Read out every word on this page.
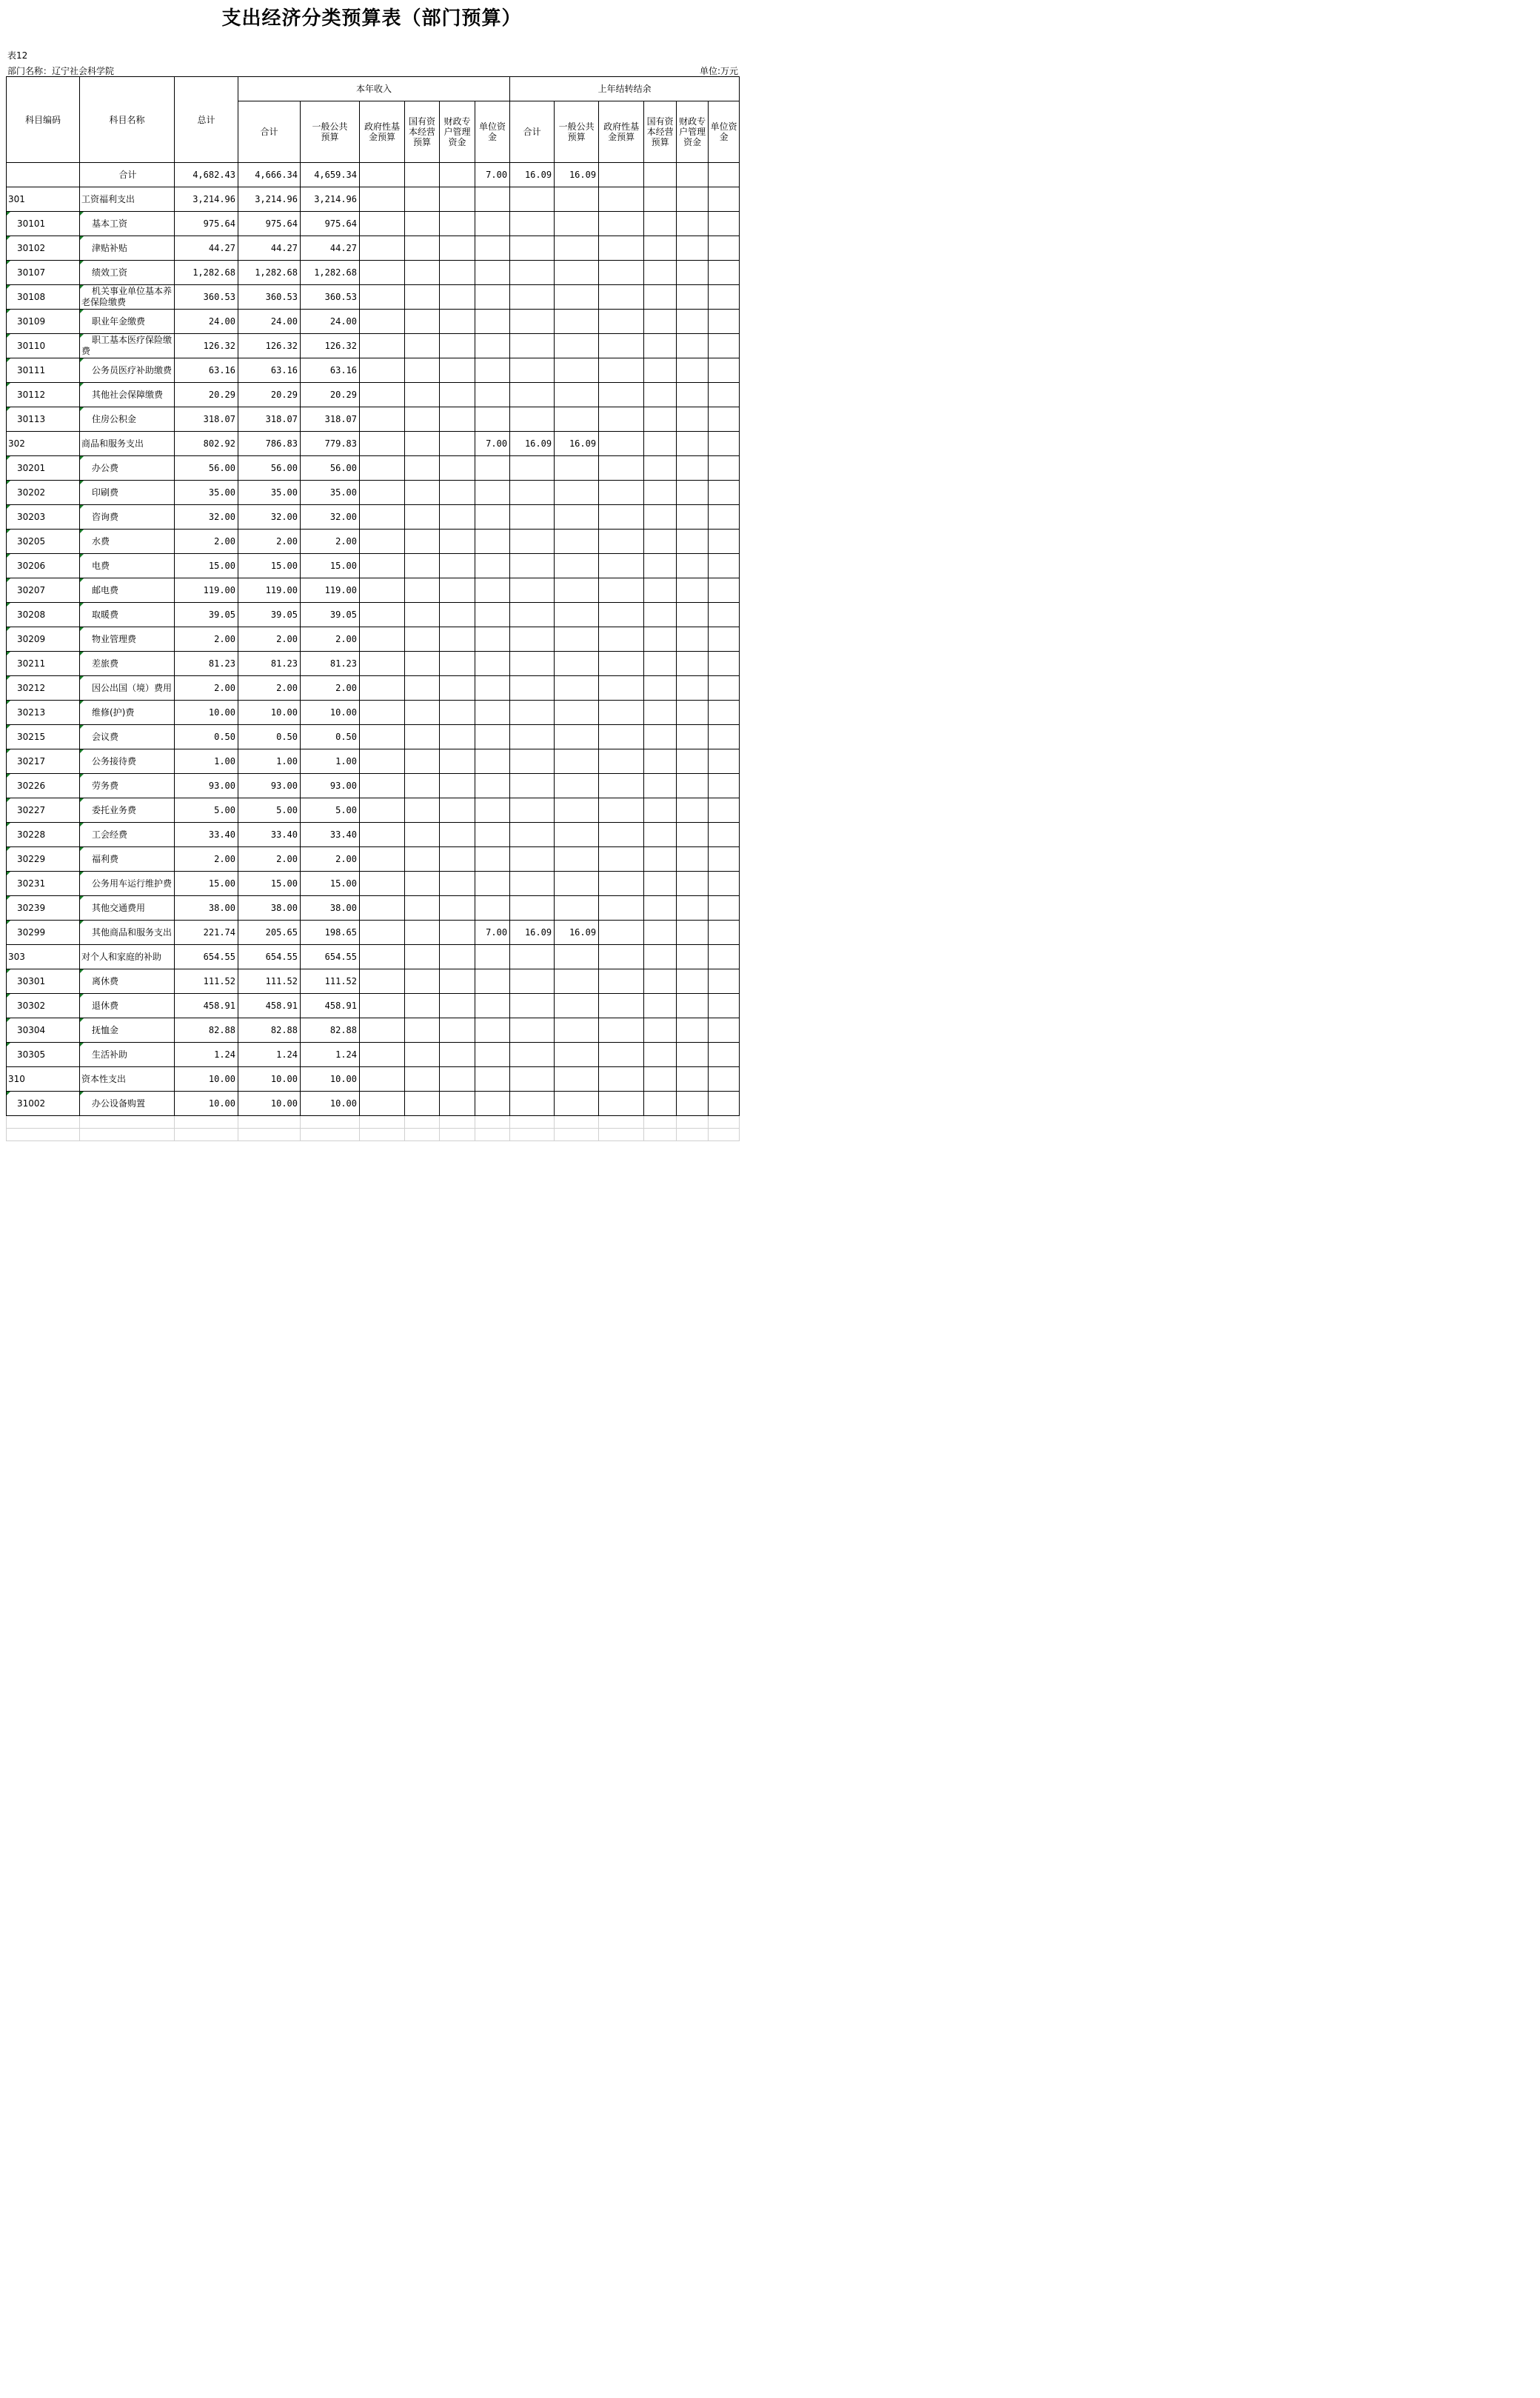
支出经济分类预算表（部门预算）
表12
部门名称：辽宁社会科学院	单位:万元
科目编码	科目名称	总计	本年收入						上年结转结余					
			合计	一般公共预算	政府性基金预算	国有资本经营预算	财政专户管理资金	单位资金	合计	一般公共预算	政府性基金预算	国有资本经营预算	财政专户管理资金	单位资金
	合计	4,682.43	4,666.34	4,659.34				7.00	16.09	16.09				
301	工资福利支出	3,214.96	3,214.96	3,214.96										
30101	基本工资	975.64	975.64	975.64										
30102	津贴补贴	44.27	44.27	44.27										
30107	绩效工资	1,282.68	1,282.68	1,282.68										
30108	机关事业单位基本养老保险缴费	360.53	360.53	360.53										
30109	职业年金缴费	24.00	24.00	24.00										
30110	职工基本医疗保险缴费	126.32	126.32	126.32										
30111	公务员医疗补助缴费	63.16	63.16	63.16										
30112	其他社会保障缴费	20.29	20.29	20.29										
30113	住房公积金	318.07	318.07	318.07										
302	商品和服务支出	802.92	786.83	779.83				7.00	16.09	16.09				
30201	办公费	56.00	56.00	56.00										
30202	印刷费	35.00	35.00	35.00										
30203	咨询费	32.00	32.00	32.00										
30205	水费	2.00	2.00	2.00										
30206	电费	15.00	15.00	15.00										
30207	邮电费	119.00	119.00	119.00										
30208	取暖费	39.05	39.05	39.05										
30209	物业管理费	2.00	2.00	2.00										
30211	差旅费	81.23	81.23	81.23										
30212	因公出国（境）费用	2.00	2.00	2.00										
30213	维修(护)费	10.00	10.00	10.00										
30215	会议费	0.50	0.50	0.50										
30217	公务接待费	1.00	1.00	1.00										
30226	劳务费	93.00	93.00	93.00										
30227	委托业务费	5.00	5.00	5.00										
30228	工会经费	33.40	33.40	33.40										
30229	福利费	2.00	2.00	2.00										
30231	公务用车运行维护费	15.00	15.00	15.00										
30239	其他交通费用	38.00	38.00	38.00										
30299	其他商品和服务支出	221.74	205.65	198.65				7.00	16.09	16.09				
303	对个人和家庭的补助	654.55	654.55	654.55										
30301	离休费	111.52	111.52	111.52										
30302	退休费	458.91	458.91	458.91										
30304	抚恤金	82.88	82.88	82.88										
30305	生活补助	1.24	1.24	1.24										
310	资本性支出	10.00	10.00	10.00										
31002	办公设备购置	10.00	10.00	10.00										
